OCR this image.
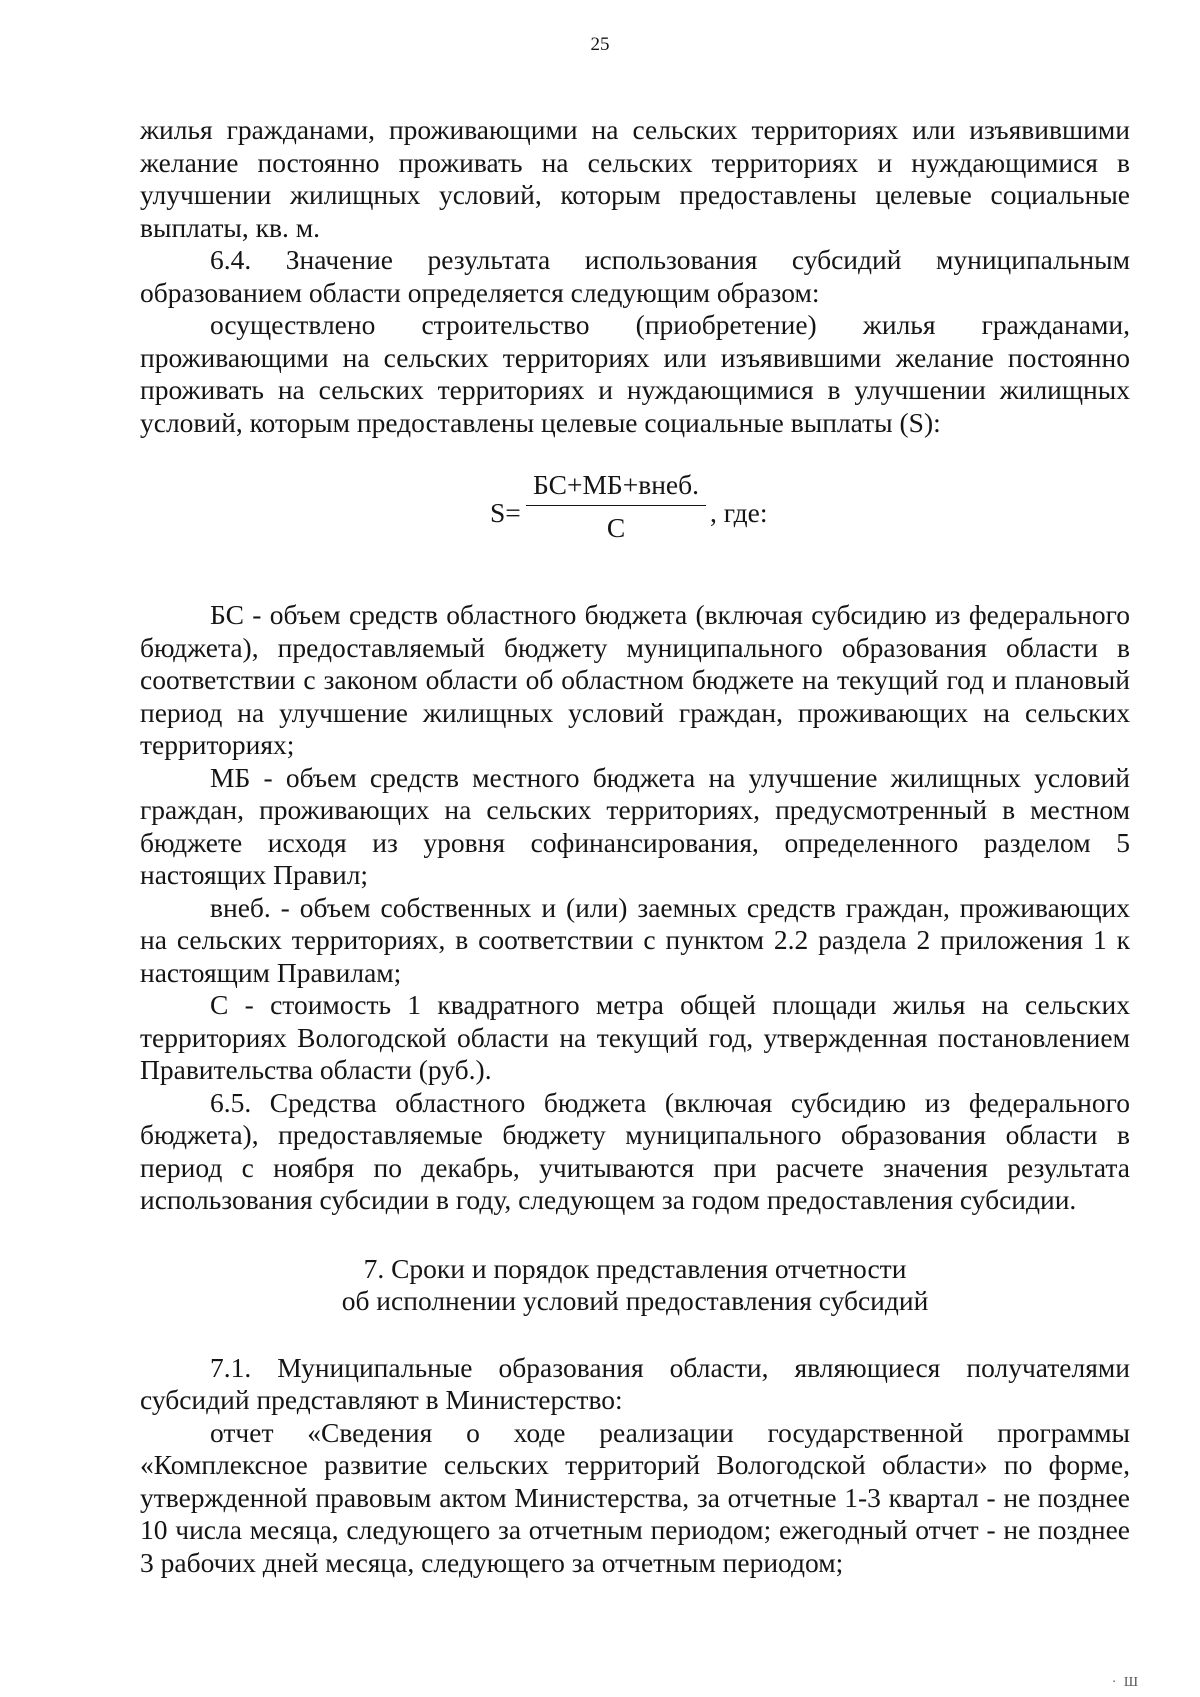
25

жилья гражданами, проживающими на сельских территориях или изъявившими желание постоянно проживать на сельских территориях и нуждающимися в улучшении жилищных условий, которым предоставлены целевые социальные выплаты, кв. м.

6.4. Значение результата использования субсидий муниципальным образованием области определяется следующим образом:

осуществлено строительство (приобретение) жилья гражданами, проживающими на сельских территориях или изъявившими желание постоянно проживать на сельских территориях и нуждающимися в улучшении жилищных условий, которым предоставлены целевые социальные выплаты (S):

S=
БС+МБ+внеб.
С	, где:

БС - объем средств областного бюджета (включая субсидию из федерального бюджета), предоставляемый бюджету муниципального образования области в соответствии с законом области об областном бюджете на текущий год и плановый период на улучшение жилищных условий граждан, проживающих на сельских территориях;

МБ - объем средств местного бюджета на улучшение жилищных условий граждан, проживающих на сельских территориях, предусмотренный в местном бюджете исходя из уровня софинансирования, определенного разделом 5 настоящих Правил;

внеб. - объем собственных и (или) заемных средств граждан, проживающих на сельских территориях, в соответствии с пунктом 2.2 раздела 2 приложения 1 к настоящим Правилам;

С - стоимость 1 квадратного метра общей площади жилья на сельских территориях Вологодской области на текущий год, утвержденная постановлением Правительства области (руб.).

6.5. Средства областного бюджета (включая субсидию из федерального бюджета), предоставляемые бюджету муниципального образования области в период с ноября по декабрь, учитываются при расчете значения результата использования субсидии в году, следующем за годом предоставления субсидии.

7. Сроки и порядок представления отчетности
об исполнении условий предоставления субсидий

7.1. Муниципальные образования области, являющиеся получателями субсидий представляют в Министерство:

отчет «Сведения о ходе реализации государственной программы «Комплексное развитие сельских территорий Вологодской области» по форме, утвержденной правовым актом Министерства, за отчетные 1-3 квартал - не позднее 10 числа месяца, следующего за отчетным периодом; ежегодный отчет - не позднее 3 рабочих дней месяца, следующего за отчетным периодом;

· Ш
